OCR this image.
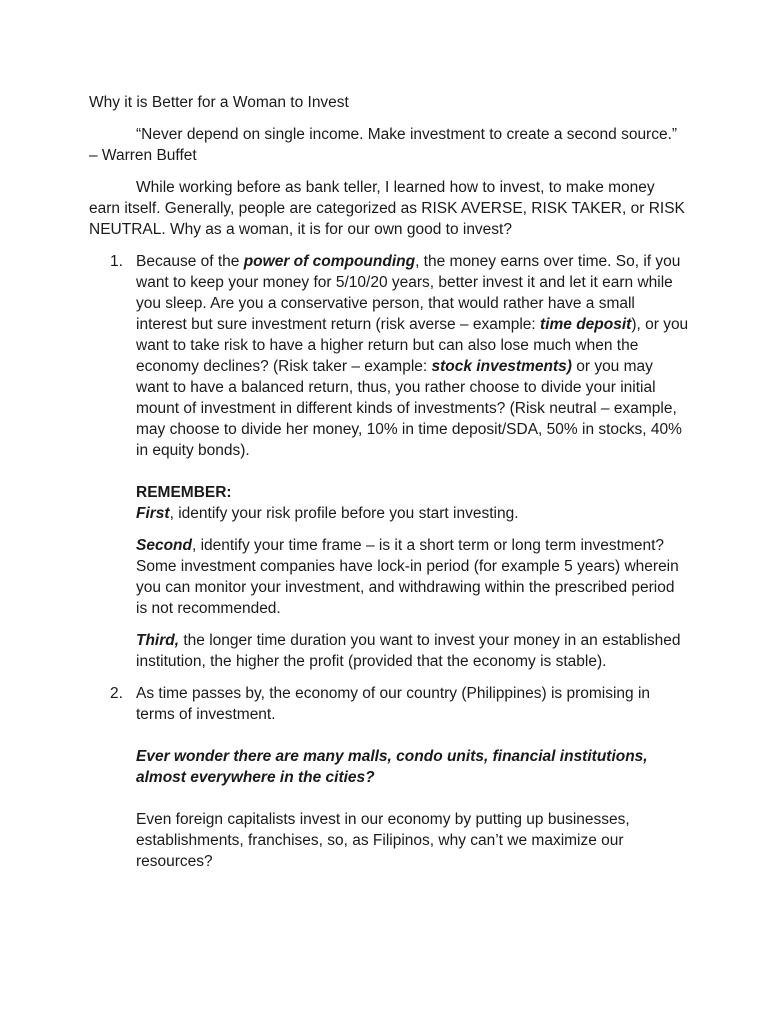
Why it is Better for a Woman to Invest

“Never depend on single income. Make investment to create a second source.” – Warren Buffet

While working before as bank teller, I learned how to invest, to make money earn itself. Generally, people are categorized as RISK AVERSE, RISK TAKER, or RISK NEUTRAL. Why as a woman, it is for our own good to invest?

1. Because of the power of compounding, the money earns over time. So, if you want to keep your money for 5/10/20 years, better invest it and let it earn while you sleep. Are you a conservative person, that would rather have a small interest but sure investment return (risk averse – example: time deposit), or you want to take risk to have a higher return but can also lose much when the economy declines? (Risk taker – example: stock investments) or you may want to have a balanced return, thus, you rather choose to divide your initial mount of investment in different kinds of investments? (Risk neutral – example, may choose to divide her money, 10% in time deposit/SDA, 50% in stocks, 40% in equity bonds).

REMEMBER:

First, identify your risk profile before you start investing.

Second, identify your time frame – is it a short term or long term investment? Some investment companies have lock-in period (for example 5 years) wherein you can monitor your investment, and withdrawing within the prescribed period is not recommended.

Third, the longer time duration you want to invest your money in an established institution, the higher the profit (provided that the economy is stable).

2. As time passes by, the economy of our country (Philippines) is promising in terms of investment.

Ever wonder there are many malls, condo units, financial institutions, almost everywhere in the cities?

Even foreign capitalists invest in our economy by putting up businesses, establishments, franchises, so, as Filipinos, why can’t we maximize our resources?
